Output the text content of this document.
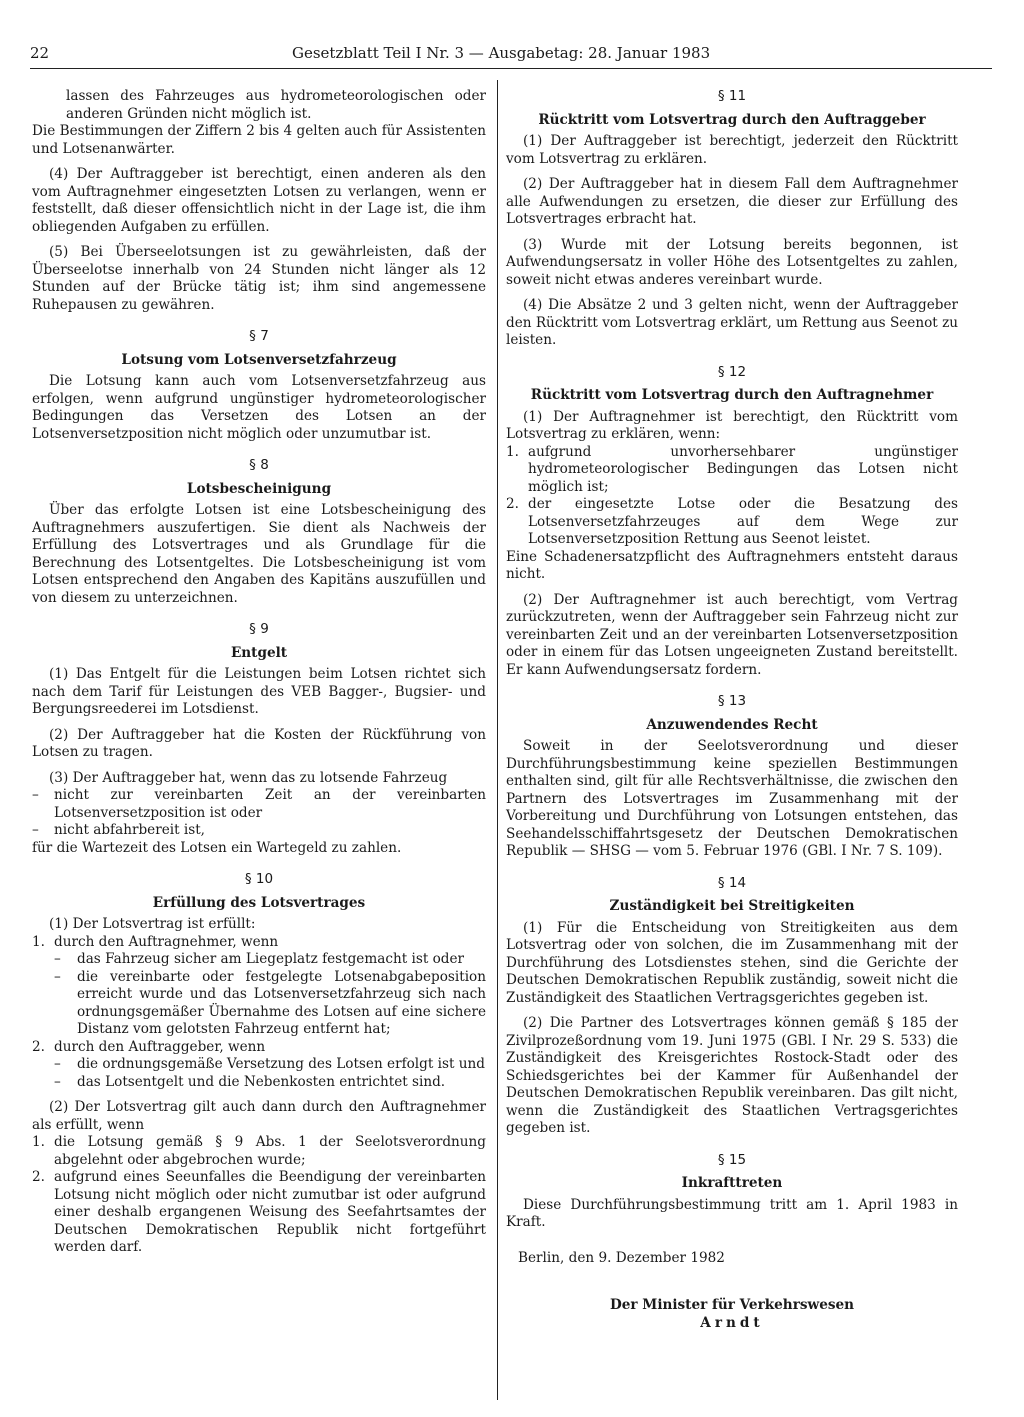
22	Gesetzblatt Teil I Nr. 3 — Ausgabetag: 28. Januar 1983

lassen des Fahrzeuges aus hydrometeorologischen oder anderen Gründen nicht möglich ist.

Die Bestimmungen der Ziffern 2 bis 4 gelten auch für Assistenten und Lotsenanwärter.

(4) Der Auftraggeber ist berechtigt, einen anderen als den vom Auftragnehmer eingesetzten Lotsen zu verlangen, wenn er feststellt, daß dieser offensichtlich nicht in der Lage ist, die ihm obliegenden Aufgaben zu erfüllen.

(5) Bei Überseelotsungen ist zu gewährleisten, daß der Überseelotse innerhalb von 24 Stunden nicht länger als 12 Stunden auf der Brücke tätig ist; ihm sind angemessene Ruhepausen zu gewähren.

§ 7
Lotsung vom Lotsenversetzfahrzeug

Die Lotsung kann auch vom Lotsenversetzfahrzeug aus erfolgen, wenn aufgrund ungünstiger hydrometeorologischer Bedingungen das Versetzen des Lotsen an der Lotsenversetzposition nicht möglich oder unzumutbar ist.

§ 8
Lotsbescheinigung

Über das erfolgte Lotsen ist eine Lotsbescheinigung des Auftragnehmers auszufertigen. Sie dient als Nachweis der Erfüllung des Lotsvertrages und als Grundlage für die Berechnung des Lotsentgeltes. Die Lotsbescheinigung ist vom Lotsen entsprechend den Angaben des Kapitäns auszufüllen und von diesem zu unterzeichnen.

§ 9
Entgelt

(1) Das Entgelt für die Leistungen beim Lotsen richtet sich nach dem Tarif für Leistungen des VEB Bagger-, Bugsier- und Bergungsreederei im Lotsdienst.

(2) Der Auftraggeber hat die Kosten der Rückführung von Lotsen zu tragen.

(3) Der Auftraggeber hat, wenn das zu lotsende Fahrzeug

– nicht zur vereinbarten Zeit an der vereinbarten Lotsenversetzposition ist oder

– nicht abfahrbereit ist,

für die Wartezeit des Lotsen ein Wartegeld zu zahlen.

§ 10
Erfüllung des Lotsvertrages

(1) Der Lotsvertrag ist erfüllt:

1. durch den Auftragnehmer, wenn

– das Fahrzeug sicher am Liegeplatz festgemacht ist oder

– die vereinbarte oder festgelegte Lotsenabgabeposition erreicht wurde und das Lotsenversetzfahrzeug sich nach ordnungsgemäßer Übernahme des Lotsen auf eine sichere Distanz vom gelotsten Fahrzeug entfernt hat;

2. durch den Auftraggeber, wenn

– die ordnungsgemäße Versetzung des Lotsen erfolgt ist und

– das Lotsentgelt und die Nebenkosten entrichtet sind.

(2) Der Lotsvertrag gilt auch dann durch den Auftragnehmer als erfüllt, wenn

1. die Lotsung gemäß § 9 Abs. 1 der Seelotsverordnung abgelehnt oder abgebrochen wurde;

2. aufgrund eines Seeunfalles die Beendigung der vereinbarten Lotsung nicht möglich oder nicht zumutbar ist oder aufgrund einer deshalb ergangenen Weisung des Seefahrtsamtes der Deutschen Demokratischen Republik nicht fortgeführt werden darf.

§ 11
Rücktritt vom Lotsvertrag durch den Auftraggeber

(1) Der Auftraggeber ist berechtigt, jederzeit den Rücktritt vom Lotsvertrag zu erklären.

(2) Der Auftraggeber hat in diesem Fall dem Auftragnehmer alle Aufwendungen zu ersetzen, die dieser zur Erfüllung des Lotsvertrages erbracht hat.

(3) Wurde mit der Lotsung bereits begonnen, ist Aufwendungsersatz in voller Höhe des Lotsentgeltes zu zahlen, soweit nicht etwas anderes vereinbart wurde.

(4) Die Absätze 2 und 3 gelten nicht, wenn der Auftraggeber den Rücktritt vom Lotsvertrag erklärt, um Rettung aus Seenot zu leisten.

§ 12
Rücktritt vom Lotsvertrag durch den Auftragnehmer

(1) Der Auftragnehmer ist berechtigt, den Rücktritt vom Lotsvertrag zu erklären, wenn:

1. aufgrund unvorhersehbarer ungünstiger hydrometeorologischer Bedingungen das Lotsen nicht möglich ist;

2. der eingesetzte Lotse oder die Besatzung des Lotsenversetzfahrzeuges auf dem Wege zur Lotsenversetzposition Rettung aus Seenot leistet.

Eine Schadenersatzpflicht des Auftragnehmers entsteht daraus nicht.

(2) Der Auftragnehmer ist auch berechtigt, vom Vertrag zurückzutreten, wenn der Auftraggeber sein Fahrzeug nicht zur vereinbarten Zeit und an der vereinbarten Lotsenversetzposition oder in einem für das Lotsen ungeeigneten Zustand bereitstellt. Er kann Aufwendungsersatz fordern.

§ 13
Anzuwendendes Recht

Soweit in der Seelotsverordnung und dieser Durchführungsbestimmung keine speziellen Bestimmungen enthalten sind, gilt für alle Rechtsverhältnisse, die zwischen den Partnern des Lotsvertrages im Zusammenhang mit der Vorbereitung und Durchführung von Lotsungen entstehen, das Seehandelsschiffahrtsgesetz der Deutschen Demokratischen Republik — SHSG — vom 5. Februar 1976 (GBl. I Nr. 7 S. 109).

§ 14
Zuständigkeit bei Streitigkeiten

(1) Für die Entscheidung von Streitigkeiten aus dem Lotsvertrag oder von solchen, die im Zusammenhang mit der Durchführung des Lotsdienstes stehen, sind die Gerichte der Deutschen Demokratischen Republik zuständig, soweit nicht die Zuständigkeit des Staatlichen Vertragsgerichtes gegeben ist.

(2) Die Partner des Lotsvertrages können gemäß § 185 der Zivilprozeßordnung vom 19. Juni 1975 (GBl. I Nr. 29 S. 533) die Zuständigkeit des Kreisgerichtes Rostock-Stadt oder des Schiedsgerichtes bei der Kammer für Außenhandel der Deutschen Demokratischen Republik vereinbaren. Das gilt nicht, wenn die Zuständigkeit des Staatlichen Vertragsgerichtes gegeben ist.

§ 15
Inkrafttreten

Diese Durchführungsbestimmung tritt am 1. April 1983 in Kraft.

Berlin, den 9. Dezember 1982

Der Minister für Verkehrswesen
Arndt
